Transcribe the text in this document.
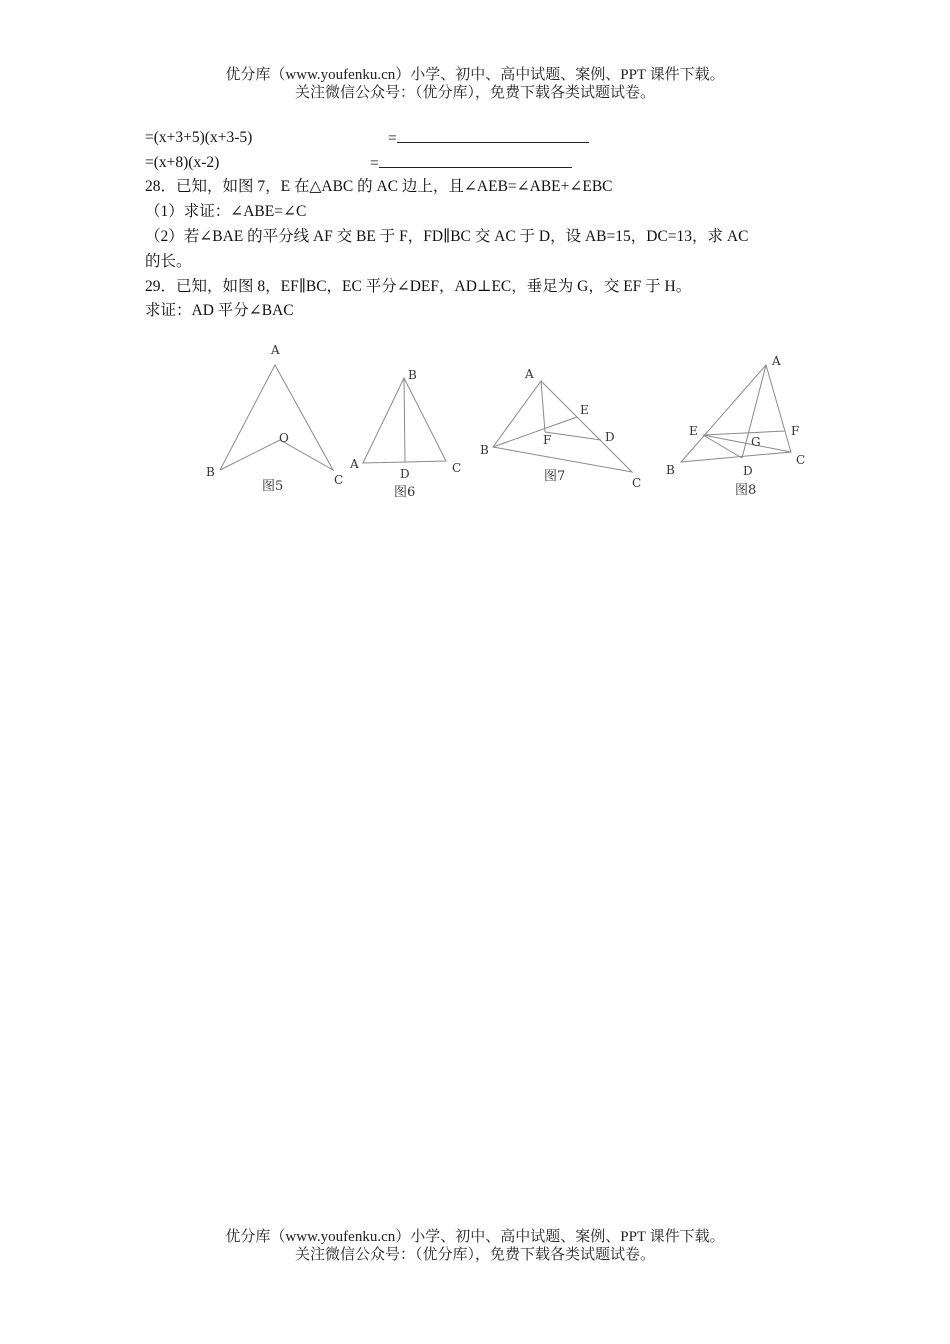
优分库（www.youfenku.cn）小学、初中、高中试题、案例、PPT 课件下载。
关注微信公众号：（优分库），免费下载各类试题试卷。
=(x+3+5)(x+3-5)	=
=(x+8)(x-2)	=
28．已知，如图 7，E 在△ABC 的 AC 边上，且∠AEB=∠ABE+∠EBC
（1）求证：∠ABE=∠C
（2）若∠BAE 的平分线 AF 交 BE 于 F，FD∥BC 交 AC 于 D，设 AB=15，DC=13，求 AC
的长。
29．已知，如图 8，EF∥BC，EC 平分∠DEF，AD⊥EC，垂足为 G，交 EF 于 H。
求证：AD 平分∠BAC
A
B
C
O
图5
B
A	C
D
图6
A
B
C
D
E
F
图7
A
B
C
D
E	F
G
图8
优分库（www.youfenku.cn）小学、初中、高中试题、案例、PPT 课件下载。
关注微信公众号：（优分库），免费下载各类试题试卷。
